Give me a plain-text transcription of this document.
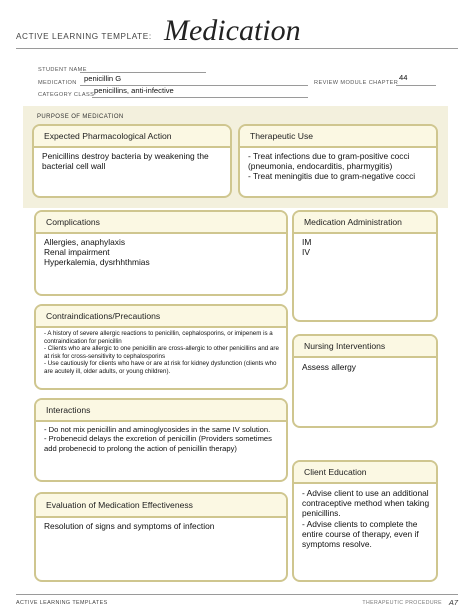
ACTIVE LEARNING TEMPLATE: Medication
STUDENT NAME
MEDICATION penicillin G	REVIEW MODULE CHAPTER
44
CATEGORY CLASS penicillins, anti-infective
PURPOSE OF MEDICATION
Expected Pharmacological Action
Penicillins destroy bacteria by weakening the bacterial cell wall
Therapeutic Use
- Treat infections due to gram-positive cocci (pneumonia, endocarditis, pharmygitis)
- Treat meningitis due to gram-negative cocci
Complications
Allergies, anaphylaxis
Renal impairment
Hyperkalemia, dysrhhthmias
Medication Administration
IM
IV
Contraindications/Precautions
- A history of severe allergic reactions to penicillin, cephalosporins, or imipenem is a contraindication for penicillin
- Clients who are allergic to one penicillin are cross-allergic to other penicillins and are at risk for cross-sensitivity to cephalosporins
- Use cautiously for clients who have or are at risk for kidney dysfunction (clients who are acutely ill, older adults, or young children).
Nursing Interventions
Assess allergy
Interactions
- Do not mix penicillin and aminoglycosides in the same IV solution.
- Probenecid delays the excretion of penicillin (Providers sometimes add probenecid to prolong the action of penicillin therapy)
Client Education
- Advise client to use an additional contraceptive method when taking penicillins.
- Advise clients to complete the entire course of therapy, even if symptoms resolve.
Evaluation of Medication Effectiveness
Resolution of signs and symptoms of infection
ACTIVE LEARNING TEMPLATES	THERAPEUTIC PROCEDURE A7
